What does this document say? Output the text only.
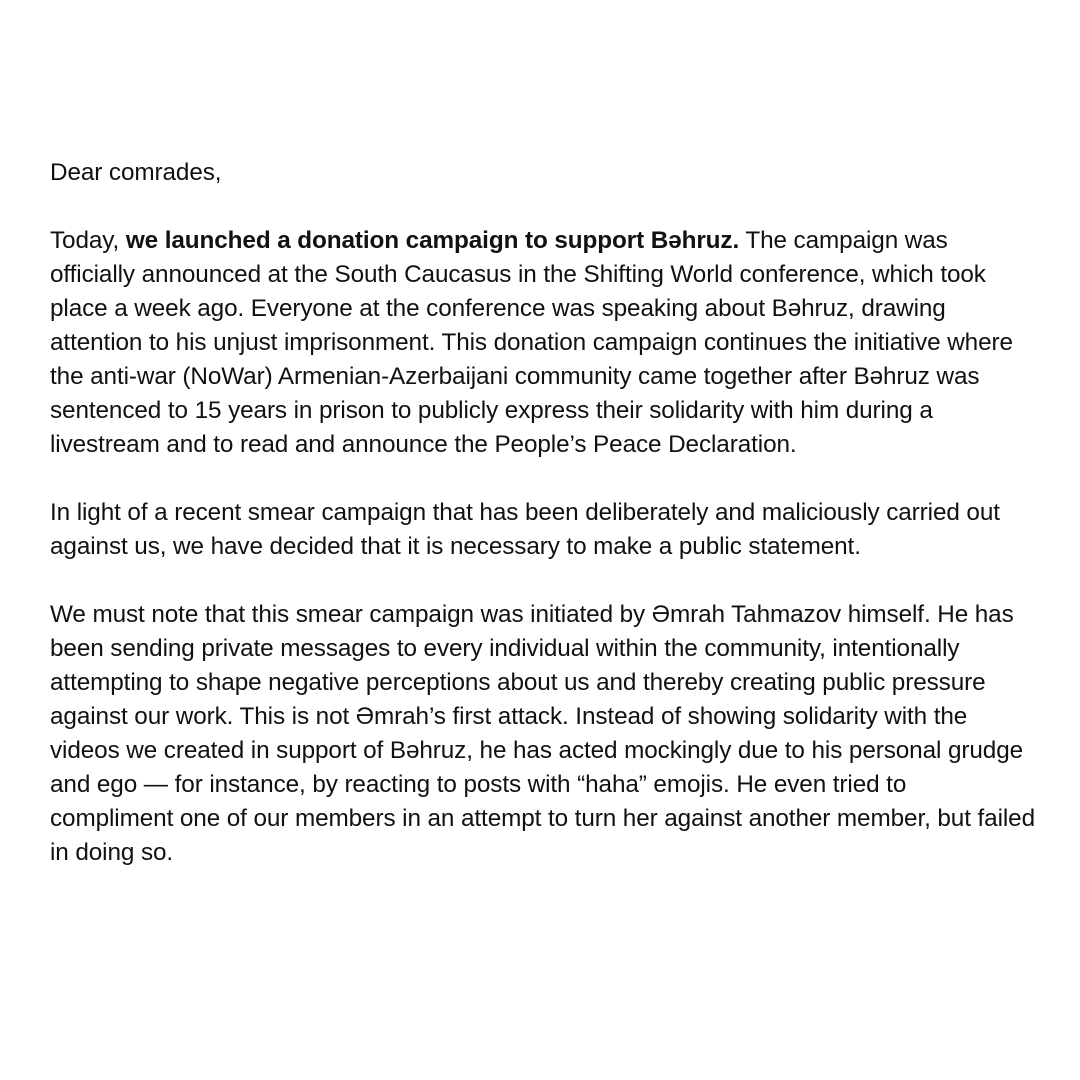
Dear comrades,

Today, we launched a donation campaign to support Bəhruz. The campaign was officially announced at the South Caucasus in the Shifting World conference, which took place a week ago. Everyone at the conference was speaking about Bəhruz, drawing attention to his unjust imprisonment. This donation campaign continues the initiative where the anti-war (NoWar) Armenian-Azerbaijani community came together after Bəhruz was sentenced to 15 years in prison to publicly express their solidarity with him during a livestream and to read and announce the People’s Peace Declaration.

In light of a recent smear campaign that has been deliberately and maliciously carried out against us, we have decided that it is necessary to make a public statement.

We must note that this smear campaign was initiated by Əmrah Tahmazov himself. He has been sending private messages to every individual within the community, intentionally attempting to shape negative perceptions about us and thereby creating public pressure against our work. This is not Əmrah’s first attack. Instead of showing solidarity with the videos we created in support of Bəhruz, he has acted mockingly due to his personal grudge and ego — for instance, by reacting to posts with “haha” emojis. He even tried to compliment one of our members in an attempt to turn her against another member, but failed in doing so.
